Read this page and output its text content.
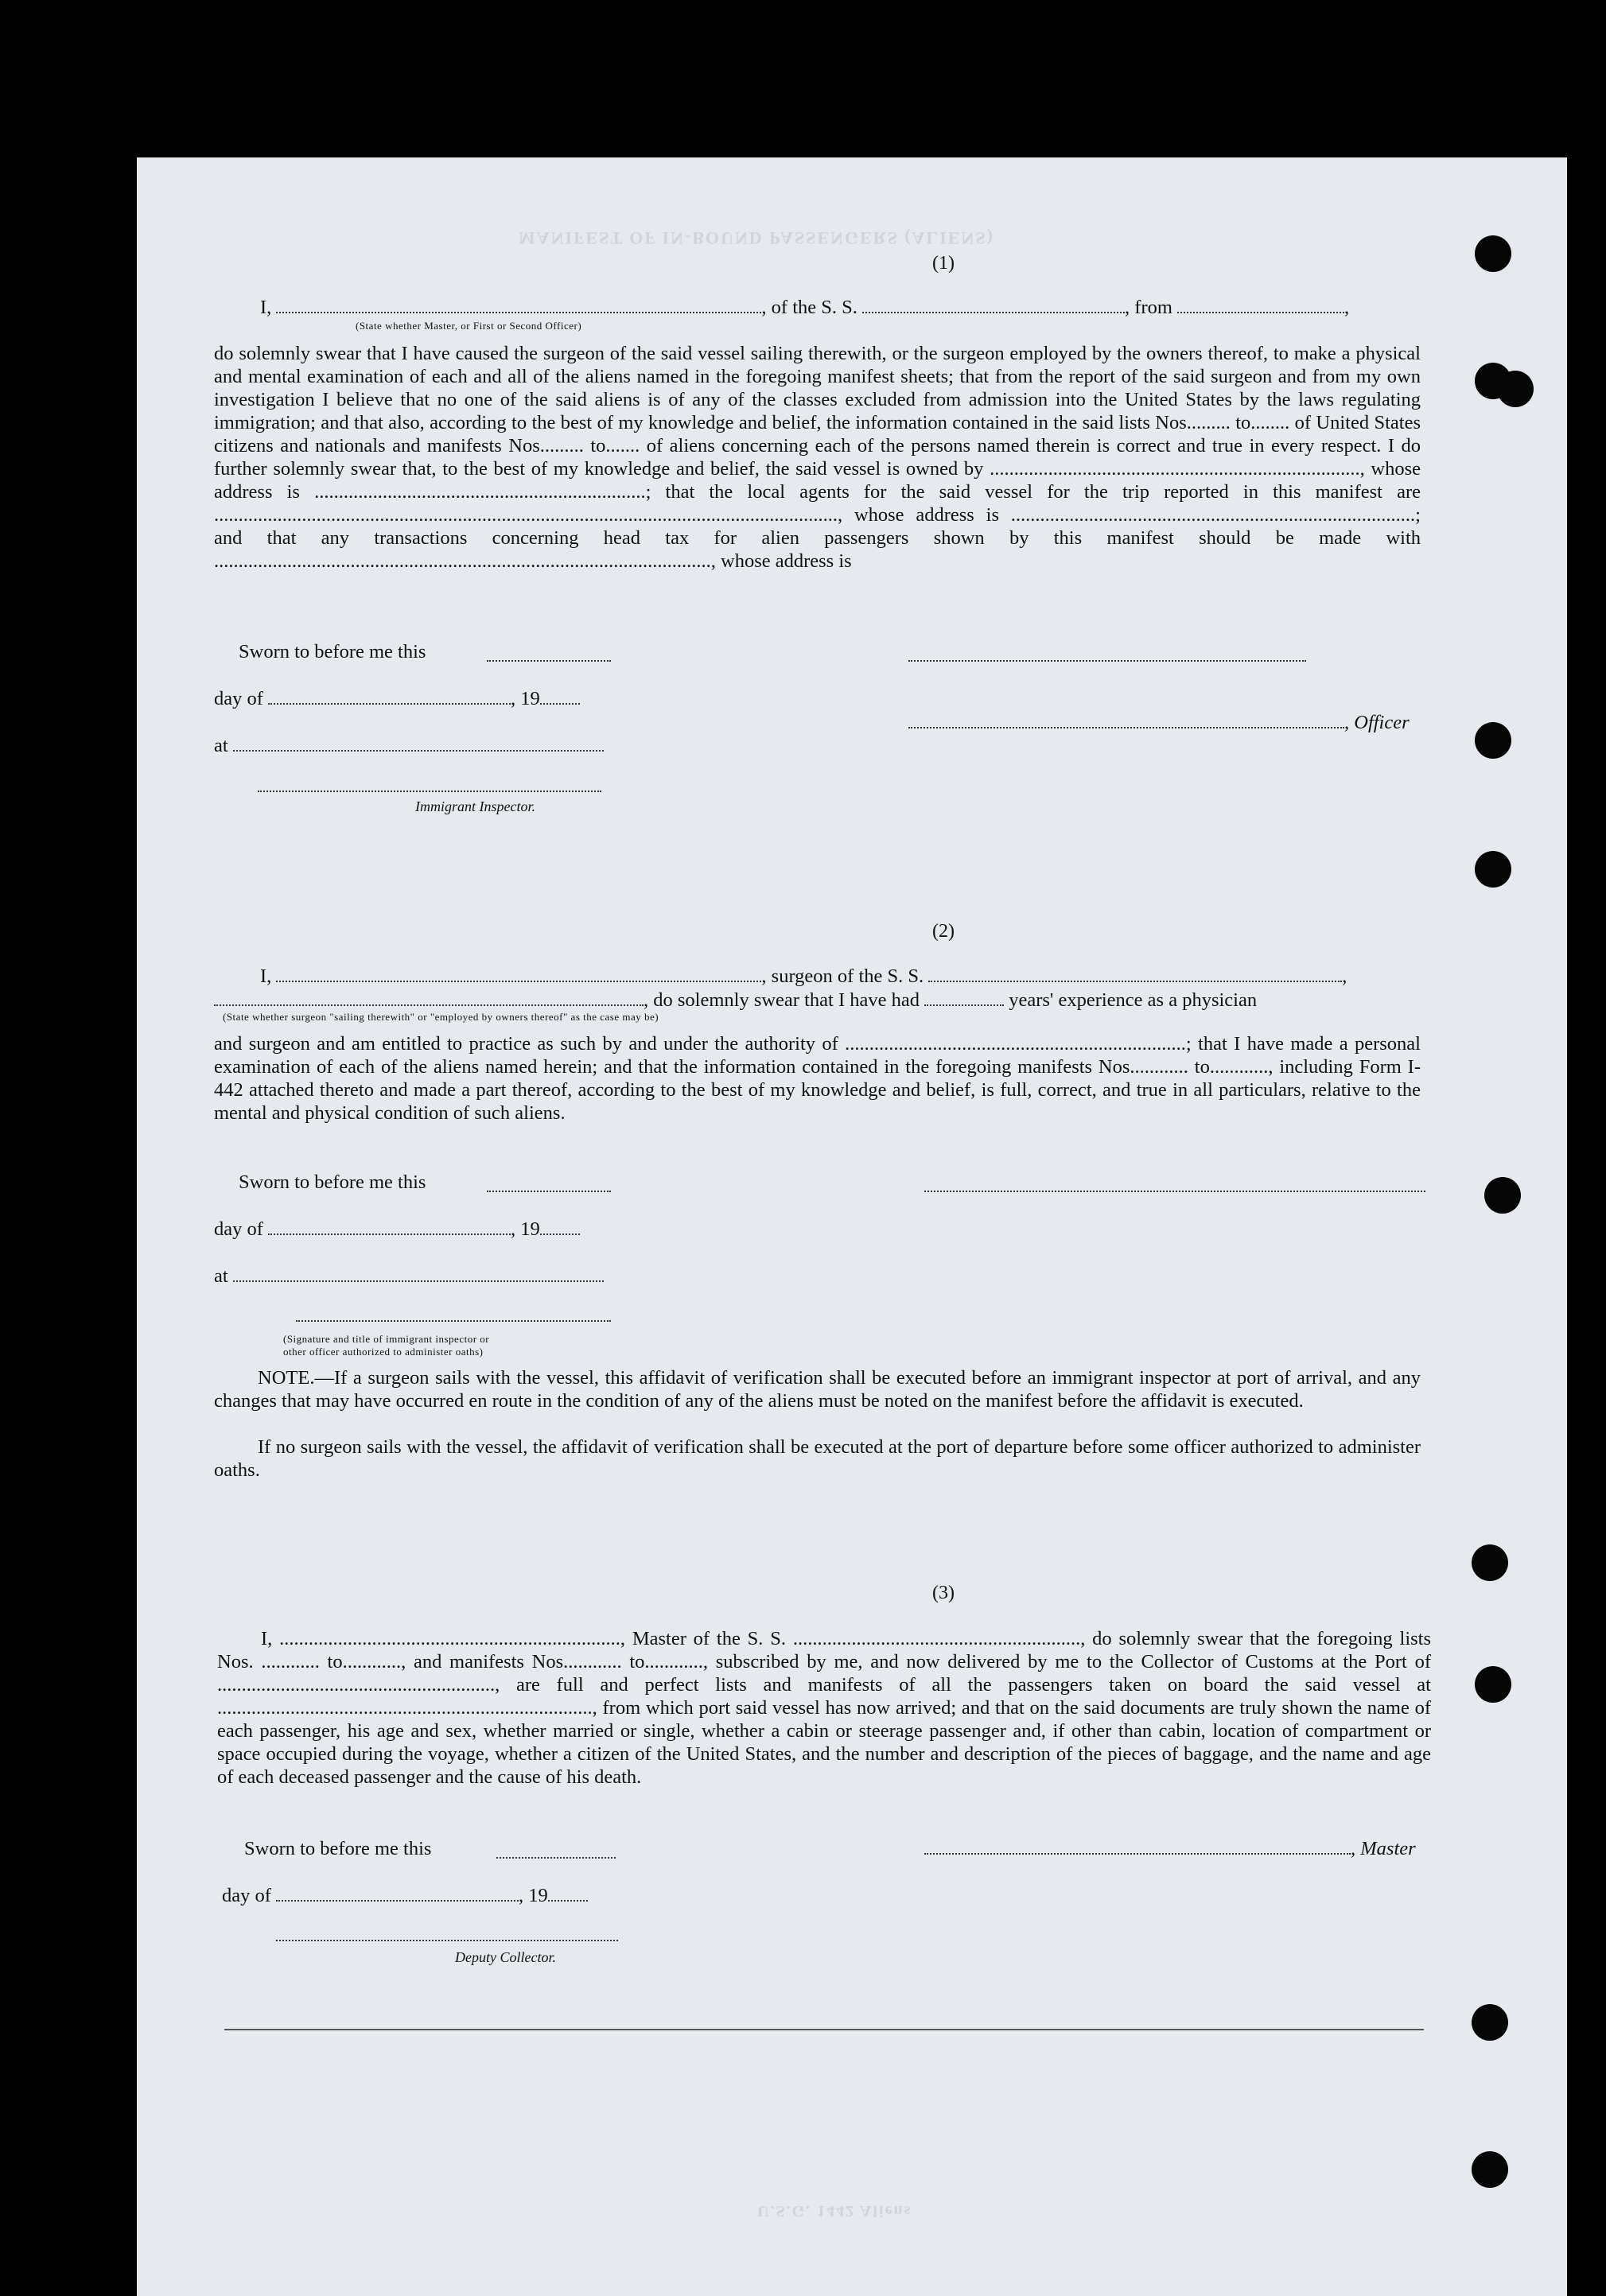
MANIFEST OF IN-BOUND PASSENGERS (ALIENS)
(1)
I,	, of the S. S.	, from	,
(State whether Master, or First or Second Officer)
do solemnly swear that I have caused the surgeon of the said vessel sailing therewith, or the surgeon employed by the owners thereof, to make a physical and mental examination of each and all of the aliens named in the foregoing manifest sheets; that from the report of the said surgeon and from my own investigation I believe that no one of the said aliens is of any of the classes excluded from admission into the United States by the laws regulating immigration; and that also, according to the best of my knowledge and belief, the information contained in the said lists Nos......... to........ of United States citizens and nationals and manifests Nos......... to....... of aliens concerning each of the persons named therein is correct and true in every respect. I do further solemnly swear that, to the best of my knowledge and belief, the said vessel is owned by ............................................................................, whose address is ....................................................................; that the local agents for the said vessel for the trip reported in this manifest are ................................................................................................................................, whose address is ...................................................................................; and that any transactions concerning head tax for alien passengers shown by this manifest should be made with ......................................................................................................, whose address is
Sworn to before me this
day of	, 19
, Officer
at
Immigrant Inspector.
(2)
I,	, surgeon of the S. S.	,
, do solemnly swear that I have had	years' experience as a physician
(State whether surgeon "sailing therewith" or "employed by owners thereof" as the case may be)
and surgeon and am entitled to practice as such by and under the authority of ......................................................................; that I have made a personal examination of each of the aliens named herein; and that the information contained in the foregoing manifests Nos............ to............, including Form I-442 attached thereto and made a part thereof, according to the best of my knowledge and belief, is full, correct, and true in all particulars, relative to the mental and physical condition of such aliens.
Sworn to before me this
day of	, 19
at
(Signature and title of immigrant inspector or
other officer authorized to administer oaths)
NOTE.—If a surgeon sails with the vessel, this affidavit of verification shall be executed before an immigrant inspector at port of arrival, and any changes that may have occurred en route in the condition of any of the aliens must be noted on the manifest before the affidavit is executed.
If no surgeon sails with the vessel, the affidavit of verification shall be executed at the port of departure before some officer authorized to administer oaths.
(3)
I, ......................................................................, Master of the S. S. ..........................................................., do solemnly swear that the foregoing lists Nos. ............ to............, and manifests Nos............ to............, subscribed by me, and now delivered by me to the Collector of Customs at the Port of ........................................................., are full and perfect lists and manifests of all the passengers taken on board the said vessel at ............................................................................., from which port said vessel has now arrived; and that on the said documents are truly shown the name of each passenger, his age and sex, whether married or single, whether a cabin or steerage passenger and, if other than cabin, location of compartment or space occupied during the voyage, whether a citizen of the United States, and the number and description of the pieces of baggage, and the name and age of each deceased passenger and the cause of his death.
Sworn to before me this	, Master
day of	, 19
Deputy Collector.
U.S.G. 1442 Aliens
